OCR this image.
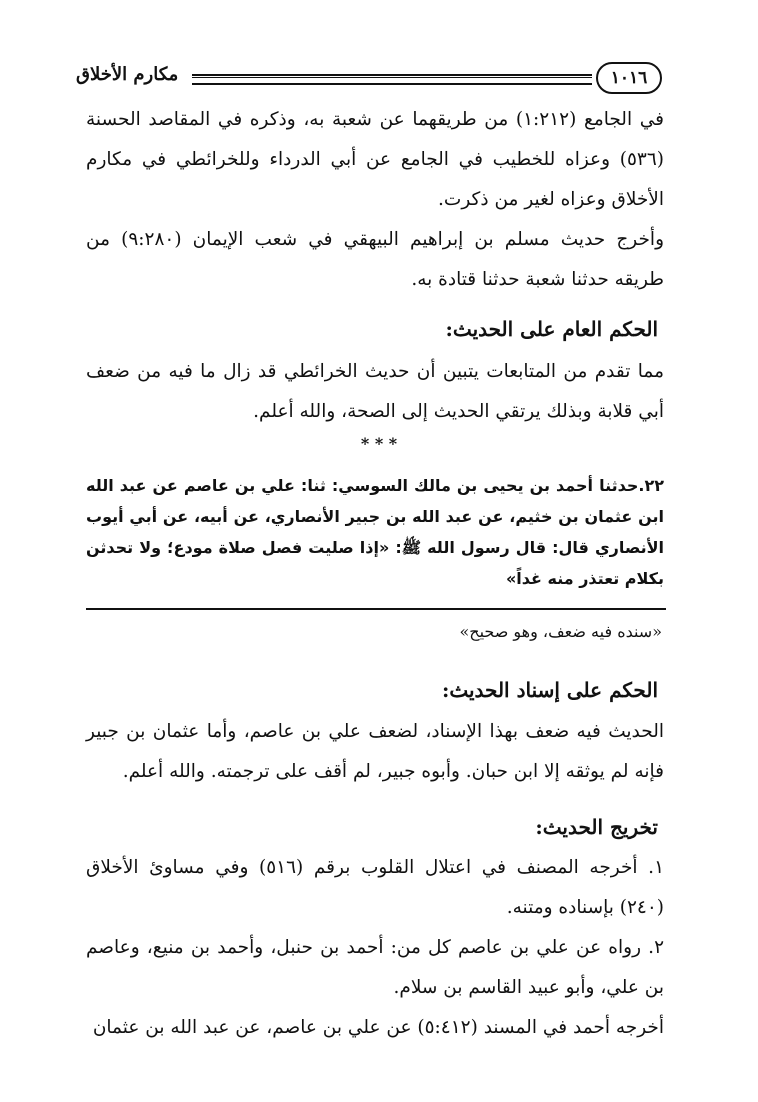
مكارم الأخلاق	١٠١٦

في الجامع (١:٢١٢) من طريقهما عن شعبة به، وذكره في المقاصد الحسنة (٥٣٦) وعزاه للخطيب في الجامع عن أبي الدرداء وللخرائطي في مكارم الأخلاق وعزاه لغير من ذكرت.

وأخرج حديث مسلم بن إبراهيم البيهقي في شعب الإيمان (٩:٢٨٠) من طريقه حدثنا شعبة حدثنا قتادة به.

الحكم العام على الحديث:

مما تقدم من المتابعات يتبين أن حديث الخرائطي قد زال ما فيه من ضعف أبي قلابة وبذلك يرتقي الحديث إلى الصحة، والله أعلم.

* * *

٢٢.حدثنا أحمد بن يحيى بن مالك السوسي: ثنا: علي بن عاصم عن عبد الله ابن عثمان بن خثيم، عن عبد الله بن جبير الأنصاري، عن أبيه، عن أبي أيوب الأنصاري قال: قال رسول الله ﷺ: «إذا صليت فصل صلاة مودع؛ ولا تحدثن بكلام تعتذر منه غداً»

«سنده فيه ضعف، وهو صحيح»
الحكم على إسناد الحديث:

الحديث فيه ضعف بهذا الإسناد، لضعف علي بن عاصم، وأما عثمان بن جبير فإنه لم يوثقه إلا ابن حبان. وأبوه جبير، لم أقف على ترجمته. والله أعلم.

تخريج الحديث:

١. أخرجه المصنف في اعتلال القلوب برقم (٥١٦) وفي مساوئ الأخلاق (٢٤٠) بإسناده ومتنه.

٢. رواه عن علي بن عاصم كل من: أحمد بن حنبل، وأحمد بن منيع، وعاصم بن علي، وأبو عبيد القاسم بن سلام.

أخرجه أحمد في المسند (٥:٤١٢) عن علي بن عاصم، عن عبد الله بن عثمان
